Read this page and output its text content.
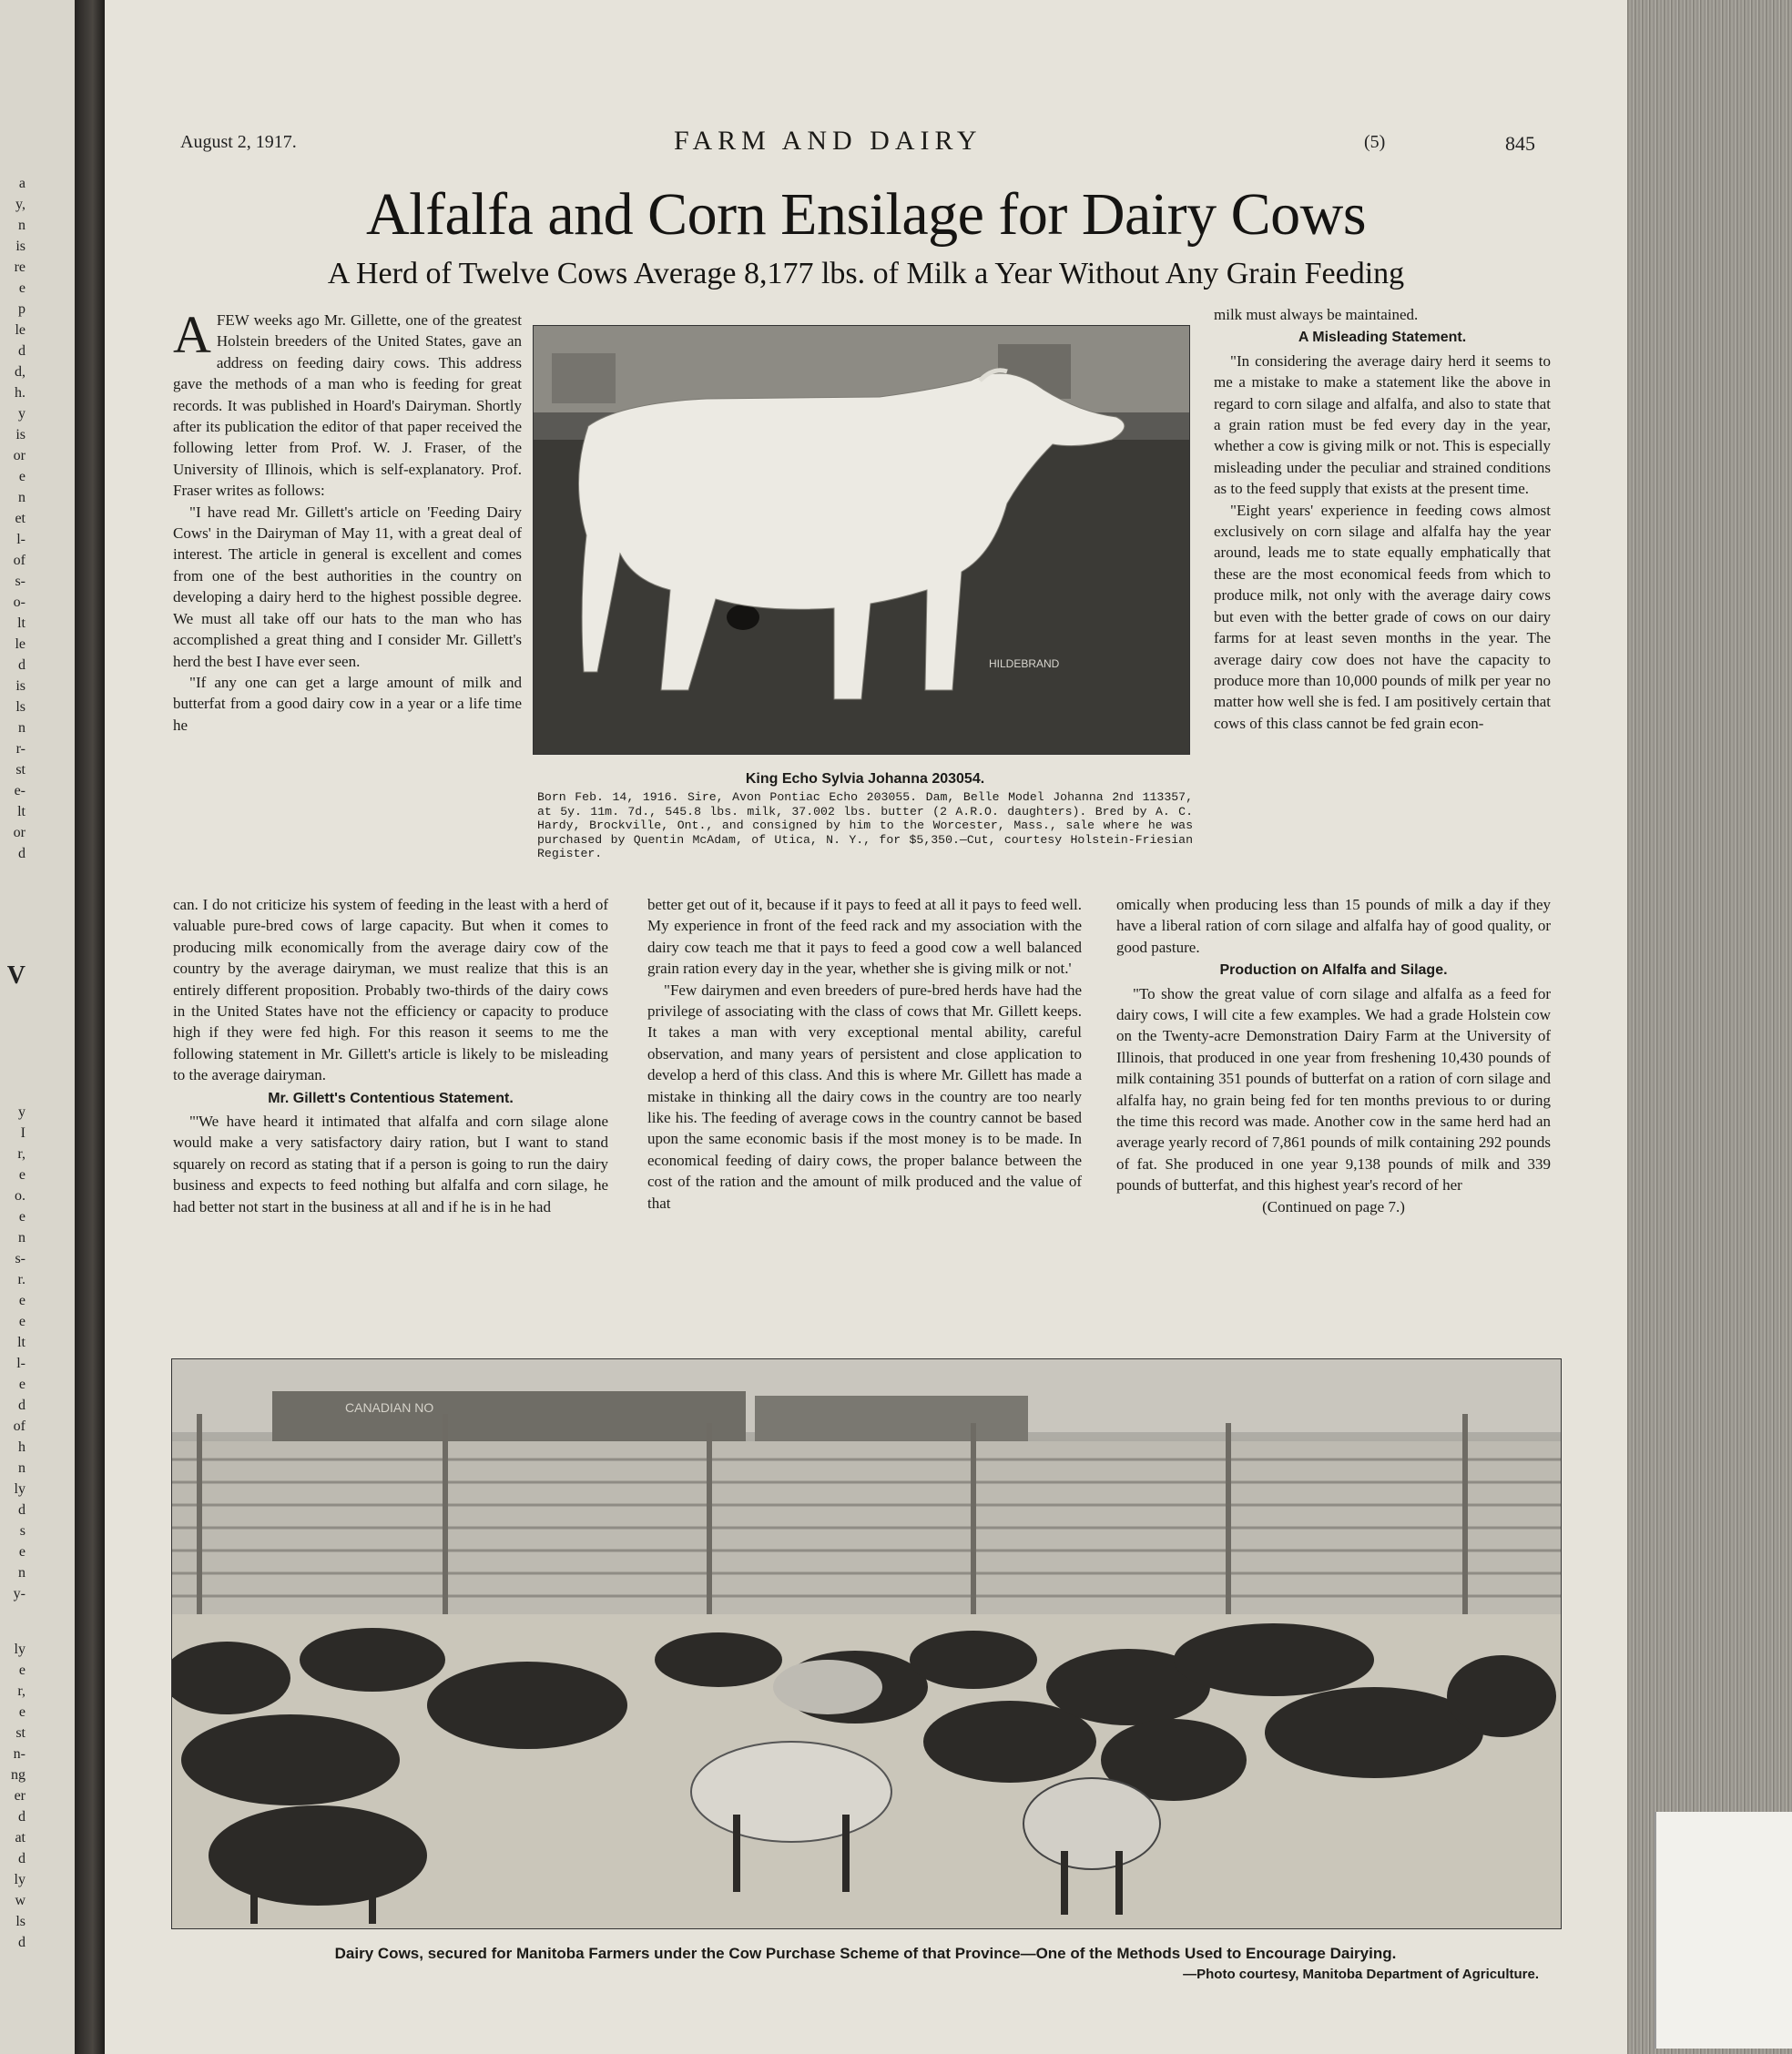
a
y,
n
is
re
e
p
le
d
d,
h.
y
is
or
e
n
et
l-
of
s-
o-
lt
le
d
is
ls
n
r-
st
e-
lt
or
d
V
y
I
r,
e
o.
e
n
s-
r.
e
e
lt
l-
e
d
of
h
n
ly
d
s
e
n
y-
ly
e
r,
e
st
n-
ng
er
d
at
d
ly
w
ls
d
August 2, 1917.	FARM AND DAIRY	(5)	845
Alfalfa and Corn Ensilage for Dairy Cows
A Herd of Twelve Cows Average 8,177 lbs. of Milk a Year Without Any Grain Feeding
A FEW weeks ago Mr. Gillette, one of the greatest Holstein breeders of the United States, gave an address on feeding dairy cows. This address gave the methods of a man who is feeding for great records. It was published in Hoard's Dairyman. Shortly after its publication the editor of that paper received the following letter from Prof. W. J. Fraser, of the University of Illinois, which is self-explanatory. Prof. Fraser writes as follows:

"I have read Mr. Gillett's article on 'Feeding Dairy Cows' in the Dairyman of May 11, with a great deal of interest. The article in general is excellent and comes from one of the best authorities in the country on developing a dairy herd to the highest possible degree. We must all take off our hats to the man who has accomplished a great thing and I consider Mr. Gillett's herd the best I have ever seen.

"If any one can get a large amount of milk and butterfat from a good dairy cow in a year or a life time he

can. I do not criticize his system of feeding in the least with a herd of valuable pure-bred cows of large capacity. But when it comes to producing milk economically from the average dairy cow of the country by the average dairyman, we must realize that this is an entirely different proposition. Probably two-thirds of the dairy cows in the United States have not the efficiency or capacity to produce high if they were fed high. For this reason it seems to me the following statement in Mr. Gillett's article is likely to be misleading to the average dairyman.

Mr. Gillett's Contentious Statement.

"'We have heard it intimated that alfalfa and corn silage alone would make a very satisfactory dairy ration, but I want to stand squarely on record as stating that if a person is going to run the dairy business and expects to feed nothing but alfalfa and corn silage, he had better not start in the business at all and if he is in he had

better get out of it, because if it pays to feed at all it pays to feed well. My experience in front of the feed rack and my association with the dairy cow teach me that it pays to feed a good cow a well balanced grain ration every day in the year, whether she is giving milk or not.'

"Few dairymen and even breeders of pure-bred herds have had the privilege of associating with the class of cows that Mr. Gillett keeps. It takes a man with very exceptional mental ability, careful observation, and many years of persistent and close application to develop a herd of this class. And this is where Mr. Gillett has made a mistake in thinking all the dairy cows in the country are too nearly like his. The feeding of average cows in the country cannot be based upon the same economic basis if the most money is to be made. In economical feeding of dairy cows, the proper balance between the cost of the ration and the amount of milk produced and the value of that

milk must always be maintained.

A Misleading Statement.

"In considering the average dairy herd it seems to me a mistake to make a statement like the above in regard to corn silage and alfalfa, and also to state that a grain ration must be fed every day in the year, whether a cow is giving milk or not. This is especially misleading under the peculiar and strained conditions as to the feed supply that exists at the present time.

"Eight years' experience in feeding cows almost exclusively on corn silage and alfalfa hay the year around, leads me to state equally emphatically that these are the most economical feeds from which to produce milk, not only with the average dairy cows but even with the better grade of cows on our dairy farms for at least seven months in the year. The average dairy cow does not have the capacity to produce more than 10,000 pounds of milk per year no matter how well she is fed. I am positively certain that cows of this class cannot be fed grain econ-

omically when producing less than 15 pounds of milk a day if they have a liberal ration of corn silage and alfalfa hay of good quality, or good pasture.

Production on Alfalfa and Silage.

"To show the great value of corn silage and alfalfa as a feed for dairy cows, I will cite a few examples. We had a grade Holstein cow on the Twenty-acre Demonstration Dairy Farm at the University of Illinois, that produced in one year from freshening 10,430 pounds of milk containing 351 pounds of butterfat on a ration of corn silage and alfalfa hay, no grain being fed for ten months previous to or during the time this record was made. Another cow in the same herd had an average yearly record of 7,861 pounds of milk containing 292 pounds of fat. She produced in one year 9,138 pounds of milk and 339 pounds of butterfat, and this highest year's record of her

(Continued on page 7.)
HILDEBRAND
King Echo Sylvia Johanna 203054.
Born Feb. 14, 1916. Sire, Avon Pontiac Echo 203055. Dam, Belle Model Johanna 2nd 113357, at 5y. 11m. 7d., 545.8 lbs. milk, 37.002 lbs. butter (2 A.R.O. daughters). Bred by A. C. Hardy, Brockville, Ont., and consigned by him to the Worcester, Mass., sale where he was purchased by Quentin McAdam, of Utica, N. Y., for $5,350.—Cut, courtesy Holstein-Friesian Register.
CANADIAN NO
Dairy Cows, secured for Manitoba Farmers under the Cow Purchase Scheme of that Province—One of the Methods Used to Encourage Dairying.
—Photo courtesy, Manitoba Department of Agriculture.
